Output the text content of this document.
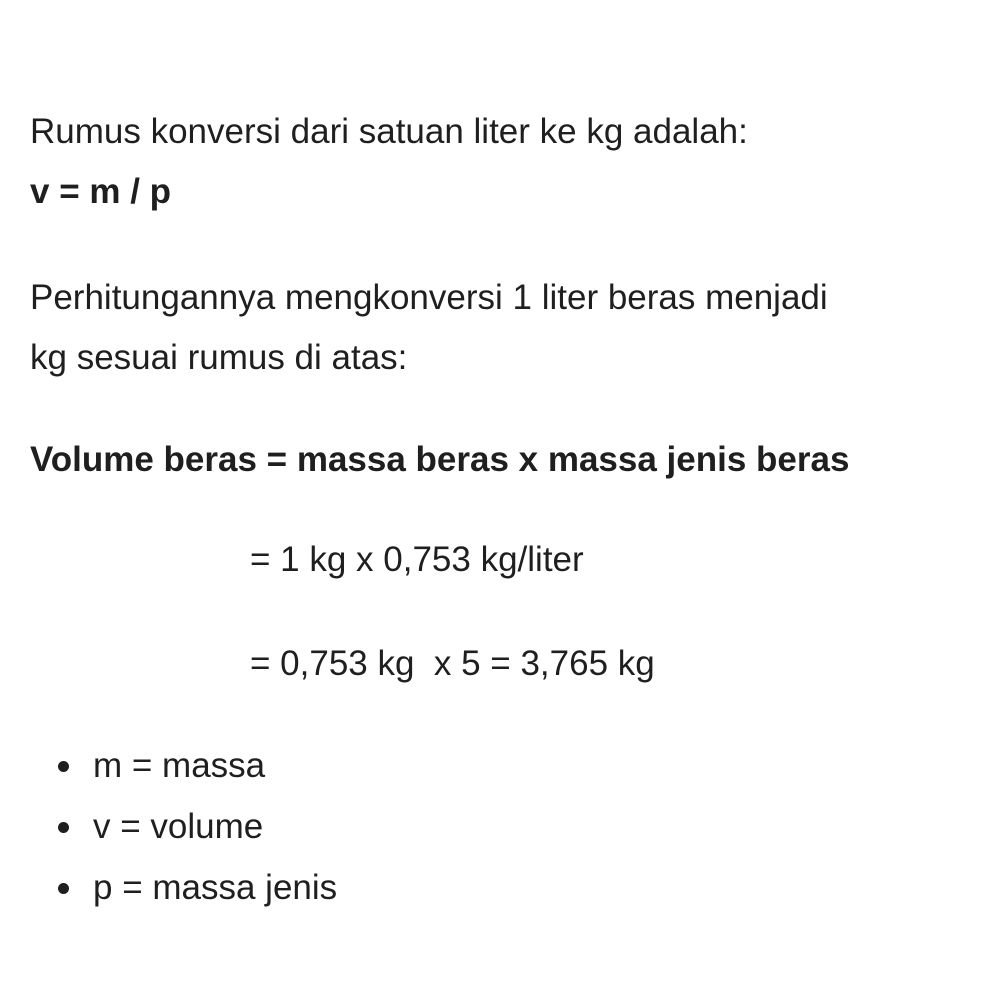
Rumus konversi dari satuan liter ke kg adalah:
v = m / p
Perhitungannya mengkonversi 1 liter beras menjadi
kg sesuai rumus di atas:
Volume beras = massa beras x massa jenis beras
= 1 kg x 0,753 kg/liter
= 0,753 kg  x 5 = 3,765 kg
m = massa
v = volume
p = massa jenis
